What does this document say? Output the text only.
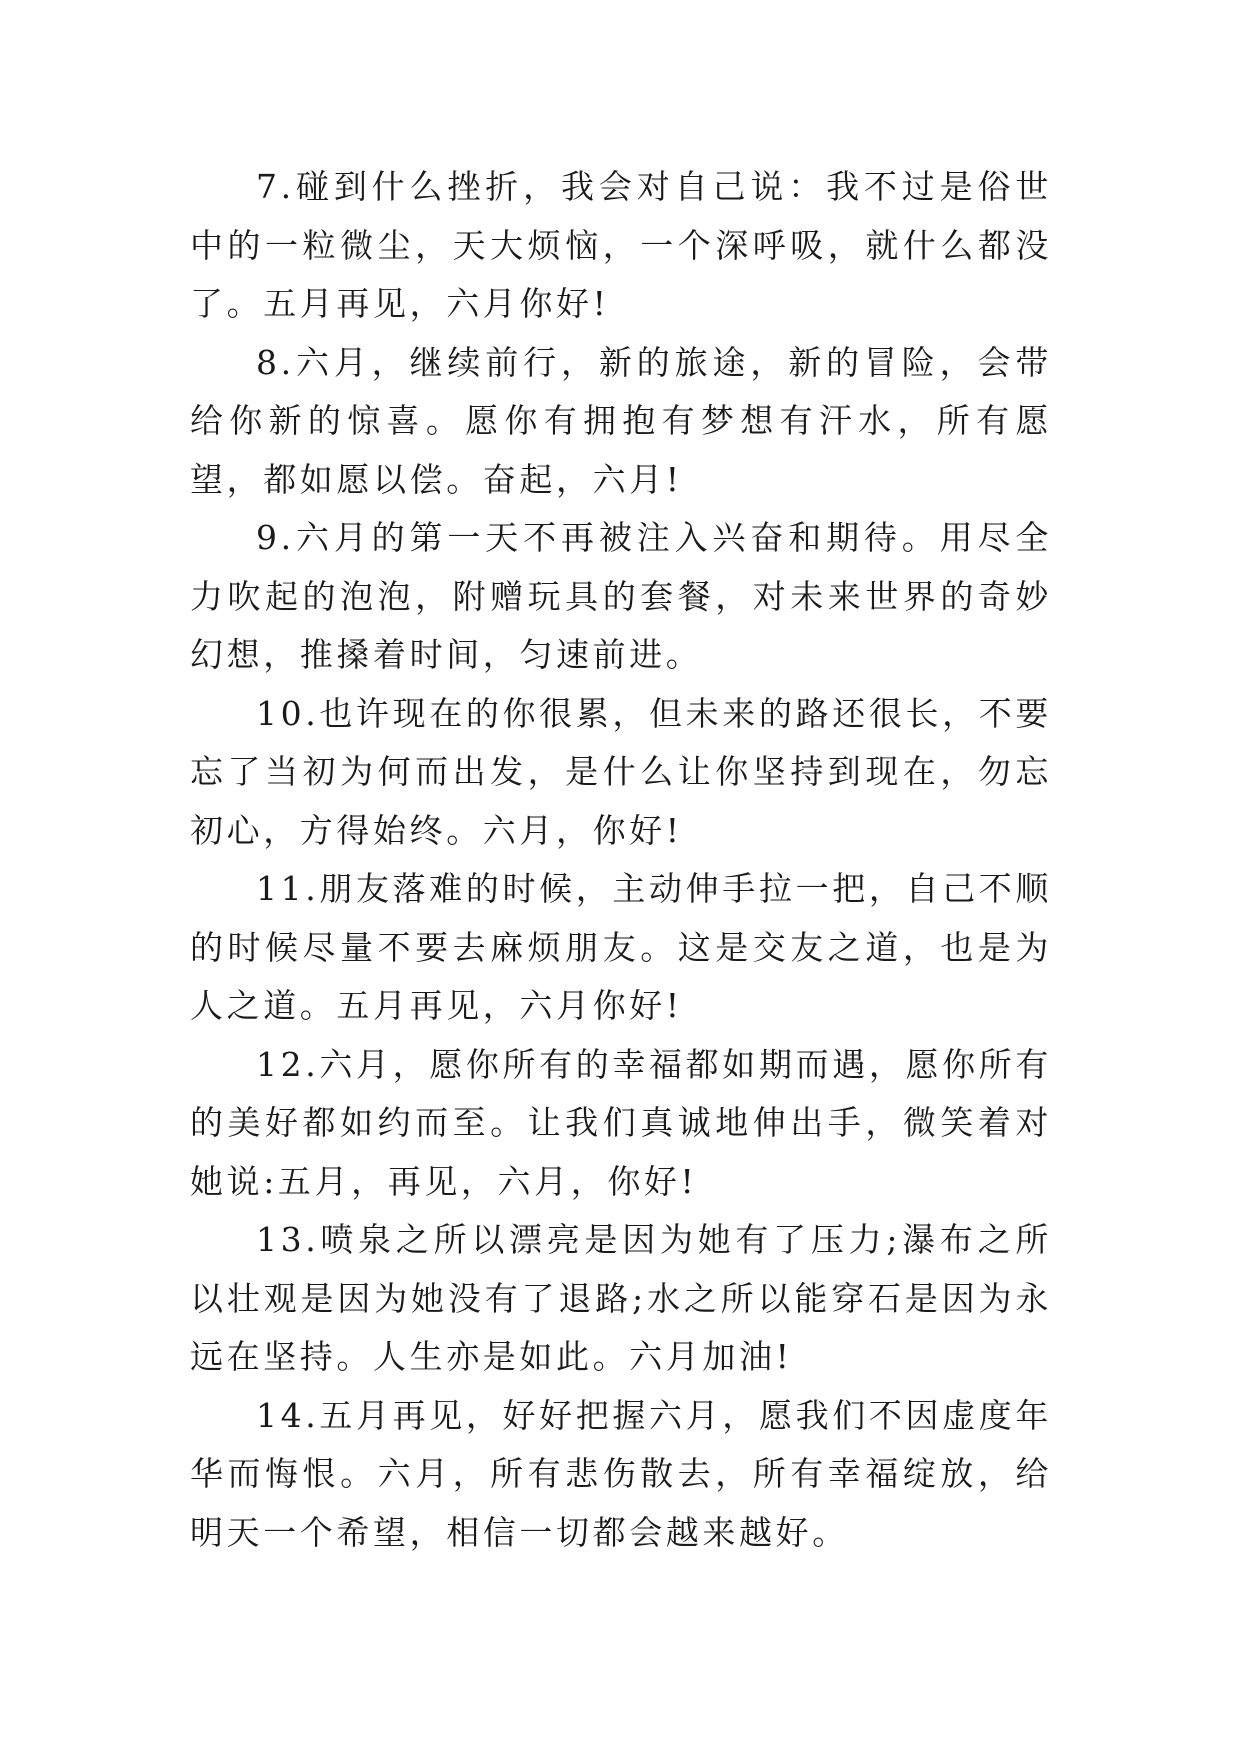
7.碰到什么挫折，我会对自己说：我不过是俗世中的一粒微尘，天大烦恼，一个深呼吸，就什么都没了。五月再见，六月你好!

8.六月，继续前行，新的旅途，新的冒险，会带给你新的惊喜。愿你有拥抱有梦想有汗水，所有愿望，都如愿以偿。奋起，六月!

9.六月的第一天不再被注入兴奋和期待。用尽全力吹起的泡泡，附赠玩具的套餐，对未来世界的奇妙幻想，推搡着时间，匀速前进。

10.也许现在的你很累，但未来的路还很长，不要忘了当初为何而出发，是什么让你坚持到现在，勿忘初心，方得始终。六月，你好!

11.朋友落难的时候，主动伸手拉一把，自己不顺的时候尽量不要去麻烦朋友。这是交友之道，也是为人之道。五月再见，六月你好!

12.六月，愿你所有的幸福都如期而遇，愿你所有的美好都如约而至。让我们真诚地伸出手，微笑着对她说:五月，再见，六月，你好!

13.喷泉之所以漂亮是因为她有了压力;瀑布之所以壮观是因为她没有了退路;水之所以能穿石是因为永远在坚持。人生亦是如此。六月加油!

14.五月再见，好好把握六月，愿我们不因虚度年华而悔恨。六月，所有悲伤散去，所有幸福绽放，给明天一个希望，相信一切都会越来越好。
